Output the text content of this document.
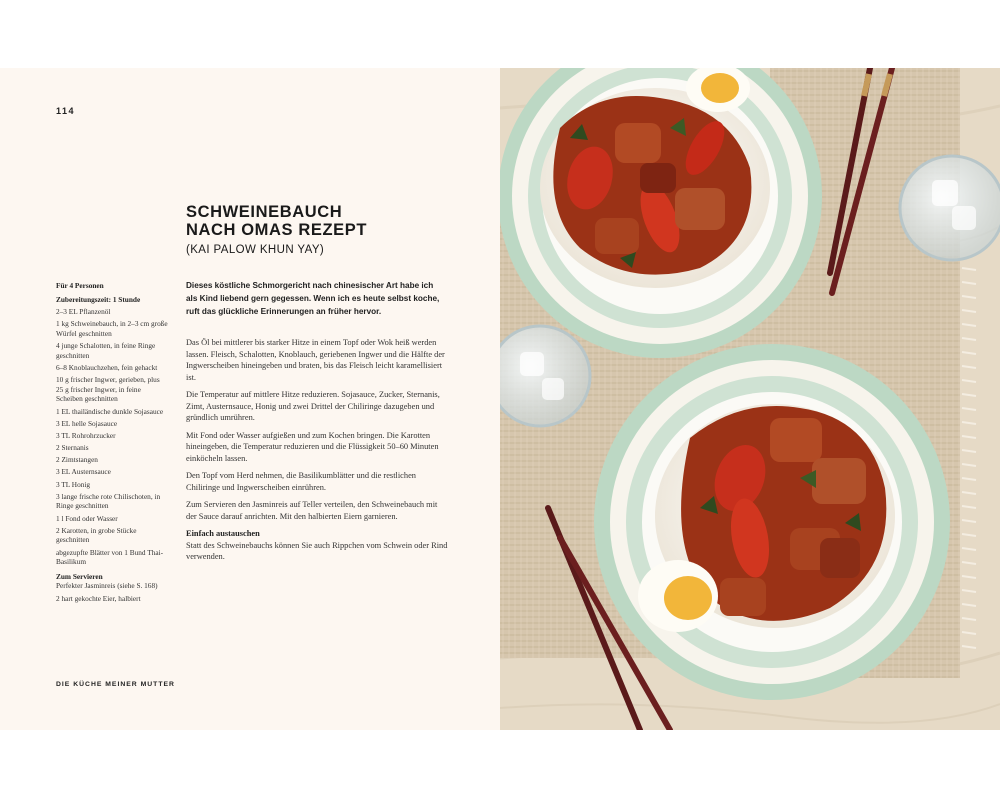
114
SCHWEINEBAUCH
NACH OMAS REZEPT
(KAI PALOW KHUN YAY)
Für 4 Personen
Zubereitungszeit: 1 Stunde
2–3 EL Pflanzenöl
1 kg Schweinebauch, in 2–3 cm große Würfel geschnitten
4 junge Schalotten, in feine Ringe geschnitten
6–8 Knoblauchzehen, fein gehackt
10 g frischer Ingwer, gerieben, plus 25 g frischer Ingwer, in feine Scheiben geschnitten
1 EL thailändische dunkle Sojasauce
3 EL helle Sojasauce
3 TL Rohrohrzucker
2 Sternanis
2 Zimtstangen
3 EL Austernsauce
3 TL Honig
3 lange frische rote Chilischoten, in Ringe geschnitten
1 l Fond oder Wasser
2 Karotten, in grobe Stücke geschnitten
abgezupfte Blätter von 1 Bund Thai-Basilikum
Zum Servieren
Perfekter Jasminreis (siehe S. 168)
2 hart gekochte Eier, halbiert

Dieses köstliche Schmorgericht nach chinesischer Art habe ich als Kind liebend gern gegessen. Wenn ich es heute selbst koche, ruft das glückliche Erinnerungen an früher hervor.

Das Öl bei mittlerer bis starker Hitze in einem Topf oder Wok heiß werden lassen. Fleisch, Schalotten, Knoblauch, geriebenen Ingwer und die Hälfte der Ingwerscheiben hineingeben und braten, bis das Fleisch leicht karamellisiert ist.

Die Temperatur auf mittlere Hitze reduzieren. Sojasauce, Zucker, Sternanis, Zimt, Austernsauce, Honig und zwei Drittel der Chiliringe dazugeben und gründlich umrühren.

Mit Fond oder Wasser aufgießen und zum Kochen bringen. Die Karotten hineingeben, die Temperatur reduzieren und die Flüssigkeit 50–60 Minuten einköcheln lassen.

Den Topf vom Herd nehmen, die Basilikumblätter und die restlichen Chiliringe und Ingwerscheiben einrühren.

Zum Servieren den Jasminreis auf Teller verteilen, den Schweinebauch mit der Sauce darauf anrichten. Mit den halbierten Eiern garnieren.

Einfach austauschen

Statt des Schweinebauchs können Sie auch Rippchen vom Schwein oder Rind verwenden.

DIE KÜCHE MEINER MUTTER
